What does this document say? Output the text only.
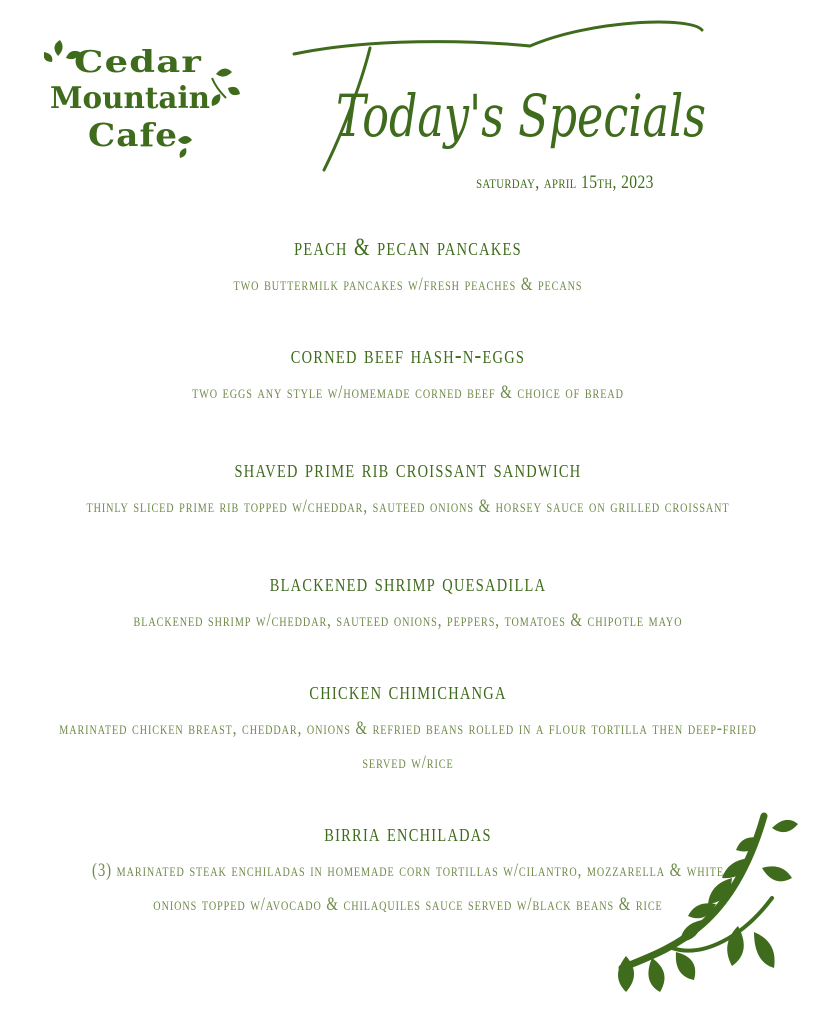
Cedar
Mountain
Cafe	Today's Specials
saturday, april 15th, 2023
peach & pecan pancakes
two buttermilk pancakes w/fresh peaches & pecans
corned beef hash-n-eggs
two eggs any style w/homemade corned beef & choice of bread
shaved prime rib croissant sandwich
thinly sliced prime rib topped w/cheddar, sauteed onions & horsey sauce on grilled croissant
blackened shrimp quesadilla
blackened shrimp w/cheddar, sauteed onions, peppers, tomatoes & chipotle mayo
chicken chimichanga
marinated chicken breast, cheddar, onions & refried beans rolled in a flour tortilla then deep-fried served w/rice
birria enchiladas
(3) marinated steak enchiladas in homemade corn tortillas w/cilantro, mozzarella & white onions topped w/avocado & chilaquiles sauce served w/black beans & rice
